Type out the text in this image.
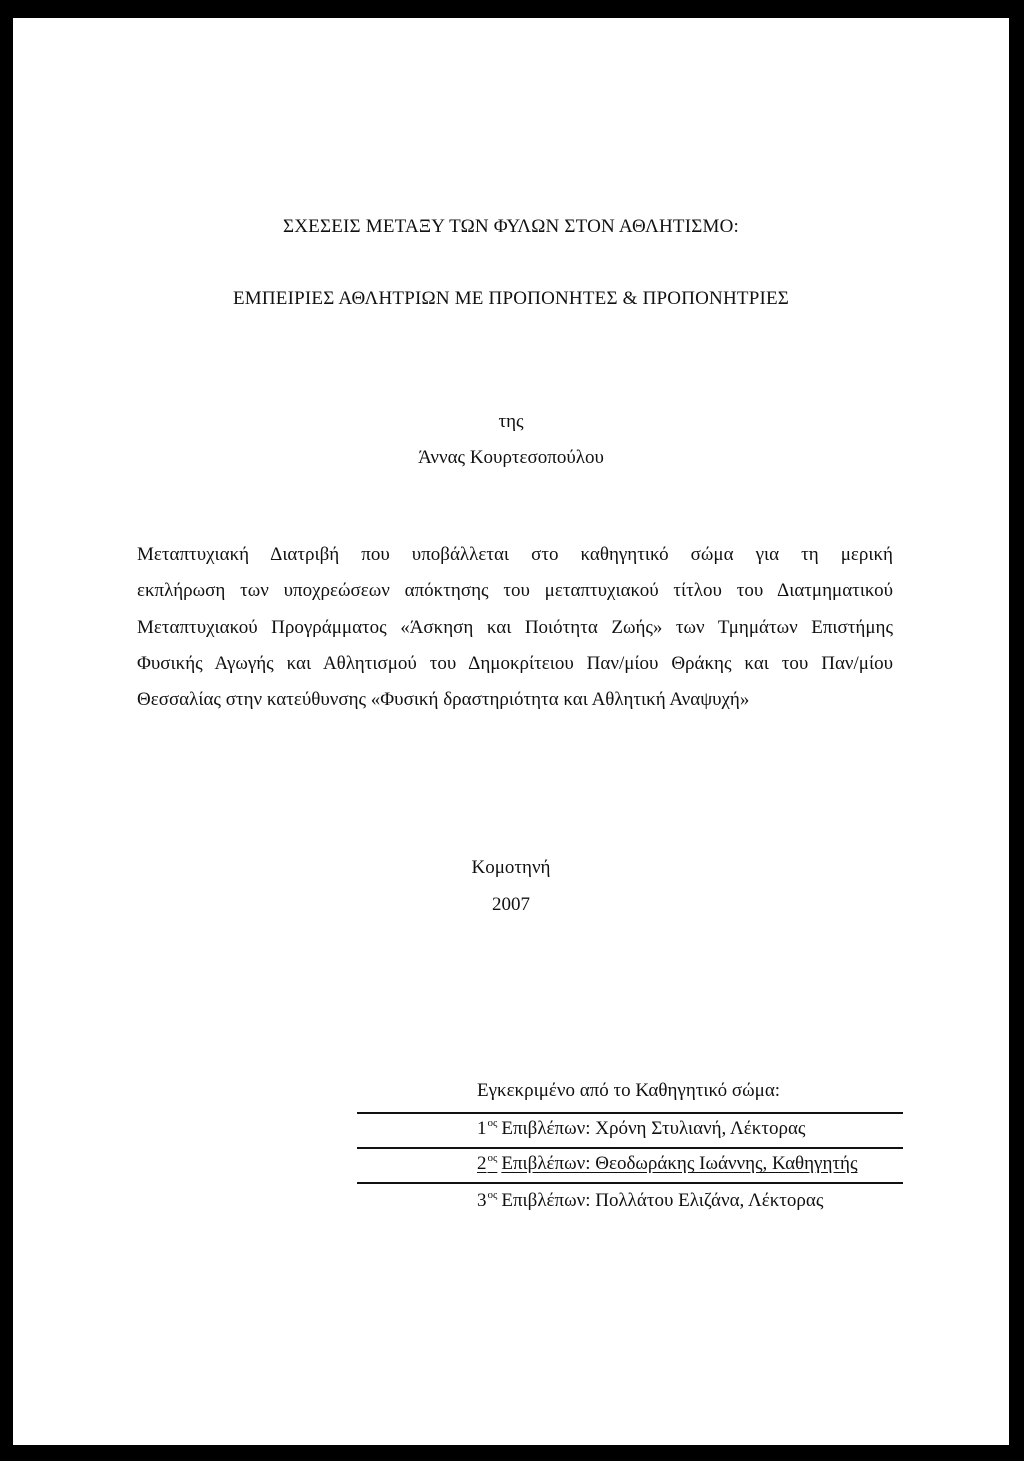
ΣΧΕΣΕΙΣ ΜΕΤΑΞΥ ΤΩΝ ΦΥΛΩΝ ΣΤΟΝ ΑΘΛΗΤΙΣΜΟ:
ΕΜΠΕΙΡΙΕΣ ΑΘΛΗΤΡΙΩΝ ΜΕ ΠΡΟΠΟΝΗΤΕΣ & ΠΡΟΠΟΝΗΤΡΙΕΣ
της
Άννας Κουρτεσοπούλου
Μεταπτυχιακή Διατριβή που υποβάλλεται στο καθηγητικό σώμα για τη μερική
εκπλήρωση των υποχρεώσεων απόκτησης του μεταπτυχιακού τίτλου του Διατμηματικού
Μεταπτυχιακού Προγράμματος «Άσκηση και Ποιότητα Ζωής» των Τμημάτων Επιστήμης
Φυσικής Αγωγής και Αθλητισμού του Δημοκρίτειου Παν/μίου Θράκης και του Παν/μίου
Θεσσαλίας στην κατεύθυνσης «Φυσική δραστηριότητα και Αθλητική Αναψυχή»
Κομοτηνή
2007
Εγκεκριμένο από το Καθηγητικό σώμα:
$1^{o\varsigma}$ Επιβλέπων: Χρόνη Στυλιανή, Λέκτορας
$2^{o\varsigma}$ Επιβλέπων: Θεοδωράκης Ιωάννης, Καθηγητής
$3^{o\varsigma}$ Επιβλέπων: Πολλάτου Ελιζάνα, Λέκτορας
